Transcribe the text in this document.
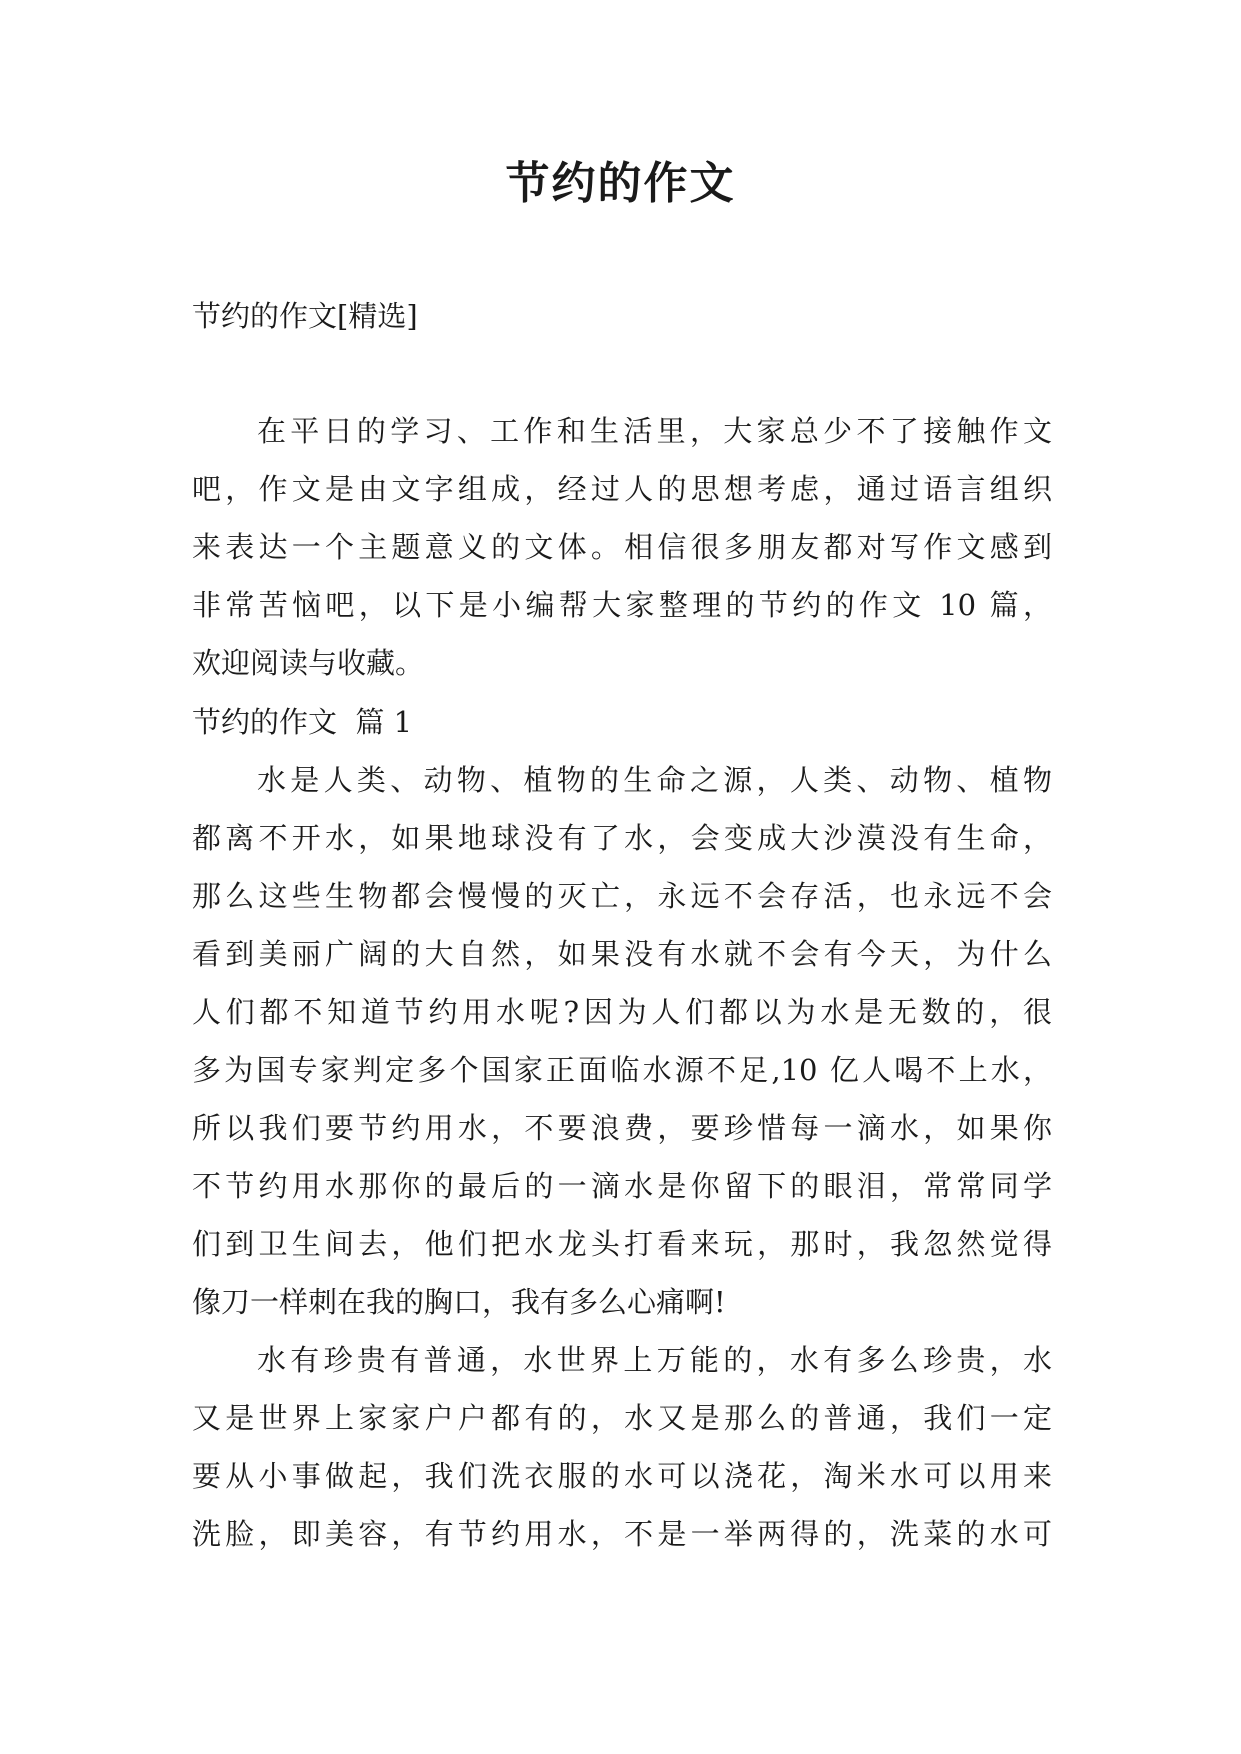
节约的作文

节约的作文[精选]

在平日的学习、工作和生活里，大家总少不了接触作文
吧，作文是由文字组成，经过人的思想考虑，通过语言组织
来表达一个主题意义的文体。相信很多朋友都对写作文感到
非常苦恼吧，以下是小编帮大家整理的节约的作文 10 篇，
欢迎阅读与收藏。

节约的作文  篇 1

水是人类、动物、植物的生命之源，人类、动物、植物
都离不开水，如果地球没有了水，会变成大沙漠没有生命，
那么这些生物都会慢慢的灭亡，永远不会存活，也永远不会
看到美丽广阔的大自然，如果没有水就不会有今天，为什么
人们都不知道节约用水呢?因为人们都以为水是无数的，很
多为国专家判定多个国家正面临水源不足,10 亿人喝不上水，
所以我们要节约用水，不要浪费，要珍惜每一滴水，如果你
不节约用水那你的最后的一滴水是你留下的眼泪，常常同学
们到卫生间去，他们把水龙头打看来玩，那时，我忽然觉得
像刀一样刺在我的胸口，我有多么心痛啊!
水有珍贵有普通，水世界上万能的，水有多么珍贵，水
又是世界上家家户户都有的，水又是那么的普通，我们一定
要从小事做起，我们洗衣服的水可以浇花，淘米水可以用来
洗脸，即美容，有节约用水，不是一举两得的，洗菜的水可
